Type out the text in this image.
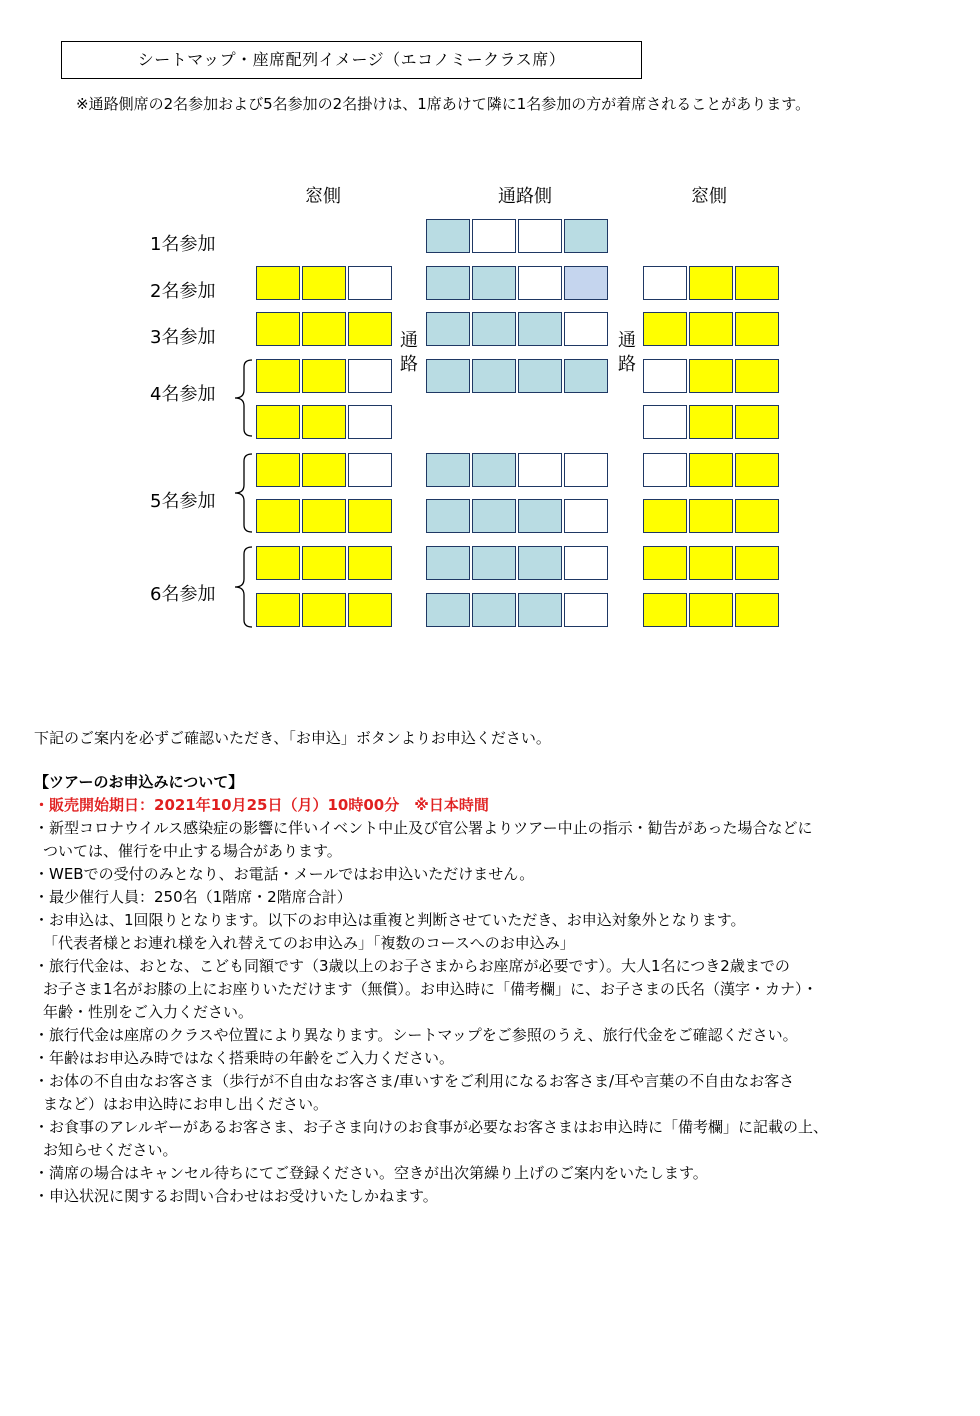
シートマップ・座席配列イメージ（エコノミークラス席）
※通路側席の2名参加および5名参加の2名掛けは、1席あけて隣に1名参加の方が着席されることがあります。
窓側	通路側	窓側
1名参加
2名参加
3名参加
4名参加
5名参加
6名参加
通
路
通
路
下記のご案内を必ずご確認いただき、「お申込」ボタンよりお申込ください。
【ツアーのお申込みについて】
・販売開始期日：2021年10月25日（月）10時00分　※日本時間
・新型コロナウイルス感染症の影響に伴いイベント中止及び官公署よりツアー中止の指示・勧告があった場合などに
ついては、催行を中止する場合があります。
・WEBでの受付のみとなり、お電話・メールではお申込いただけません。
・最少催行人員：250名（1階席・2階席合計）
・お申込は、1回限りとなります。以下のお申込は重複と判断させていただき、お申込対象外となります。
「代表者様とお連れ様を入れ替えてのお申込み」「複数のコースへのお申込み」
・旅行代金は、おとな、こども同額です（3歳以上のお子さまからお座席が必要です）。大人1名につき2歳までの
お子さま1名がお膝の上にお座りいただけます（無償）。お申込時に「備考欄」に、お子さまの氏名（漢字・カナ）・
年齢・性別をご入力ください。
・旅行代金は座席のクラスや位置により異なります。シートマップをご参照のうえ、旅行代金をご確認ください。
・年齢はお申込み時ではなく搭乗時の年齢をご入力ください。
・お体の不自由なお客さま（歩行が不自由なお客さま/車いすをご利用になるお客さま/耳や言葉の不自由なお客さ
まなど）はお申込時にお申し出ください。
・お食事のアレルギーがあるお客さま、お子さま向けのお食事が必要なお客さまはお申込時に「備考欄」に記載の上、
お知らせください。
・満席の場合はキャンセル待ちにてご登録ください。空きが出次第繰り上げのご案内をいたします。
・申込状況に関するお問い合わせはお受けいたしかねます。
